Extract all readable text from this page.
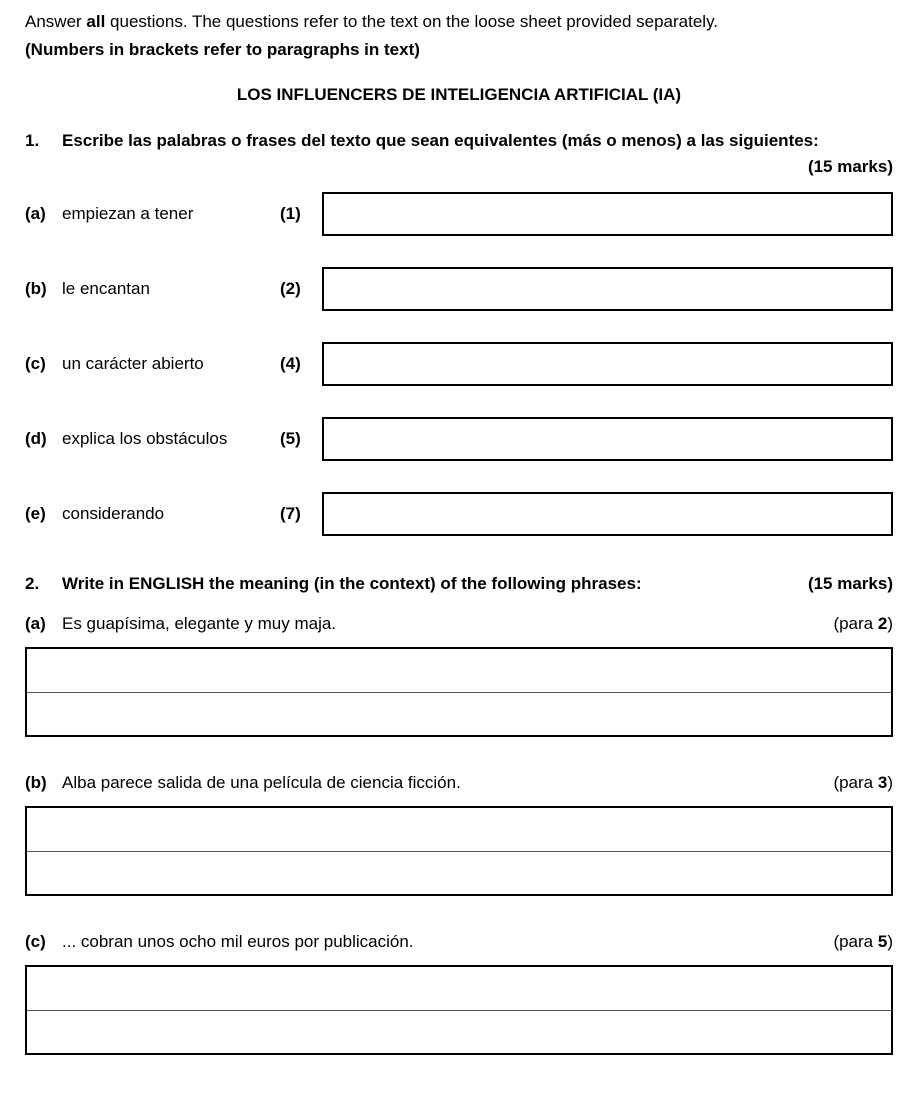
Answer all questions. The questions refer to the text on the loose sheet provided separately.

(Numbers in brackets refer to paragraphs in text)

LOS INFLUENCERS DE INTELIGENCIA ARTIFICIAL (IA)
1.	Escribe las palabras o frases del texto que sean equivalentes (más o menos) a las siguientes:
(15 marks)
(a) empiezan a tener	(1)
(b) le encantan	(2)
(c) un carácter abierto	(4)
(d) explica los obstáculos	(5)
(e) considerando	(7)
2.	Write in ENGLISH the meaning (in the context) of the following phrases:	(15 marks)
(a) Es guapísima, elegante y muy maja.	(para 2)
(b) Alba parece salida de una película de ciencia ficción.	(para 3)
(c) ... cobran unos ocho mil euros por publicación.	(para 5)
